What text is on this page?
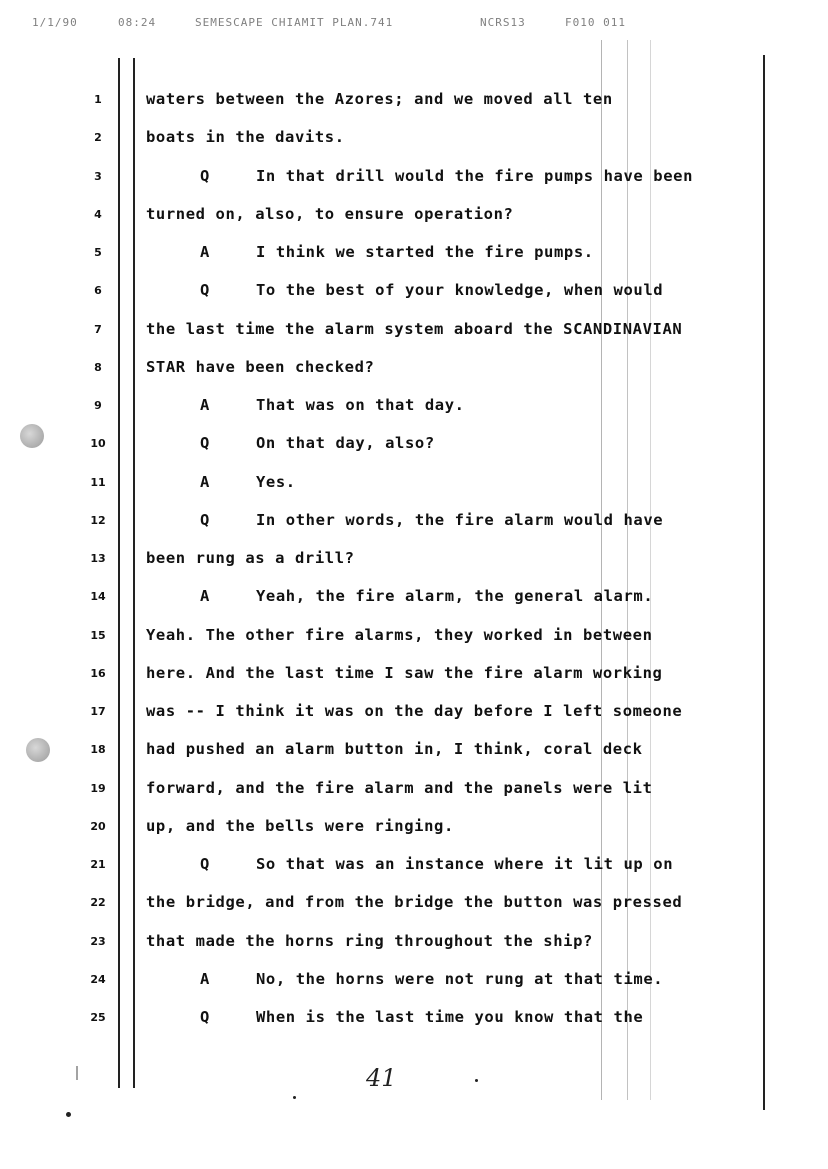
1/1/90	08:24	SEMESCAPE CHIAMIT PLAN.741	NCRS13	F010 011
1	waters between the Azores; and we moved all ten
2	boats in the davits.
3	Q	In that drill would the fire pumps have been
4	turned on, also, to ensure operation?
5	A	I think we started the fire pumps.
6	Q	To the best of your knowledge, when would
7	the last time the alarm system aboard the SCANDINAVIAN
8	STAR have been checked?
9	A	That was on that day.
10	Q	On that day, also?
11	A	Yes.
12	Q	In other words, the fire alarm would have
13	been rung as a drill?
14	A	Yeah, the fire alarm, the general alarm.
15	Yeah. The other fire alarms, they worked in between
16	here. And the last time I saw the fire alarm working
17	was -- I think it was on the day before I left someone
18	had pushed an alarm button in, I think, coral deck
19	forward, and the fire alarm and the panels were lit
20	up, and the bells were ringing.
21	Q	So that was an instance where it lit up on
22	the bridge, and from the bridge the button was pressed
23	that made the horns ring throughout the ship?
24	A	No, the horns were not rung at that time.
25	Q	When is the last time you know that the
41
